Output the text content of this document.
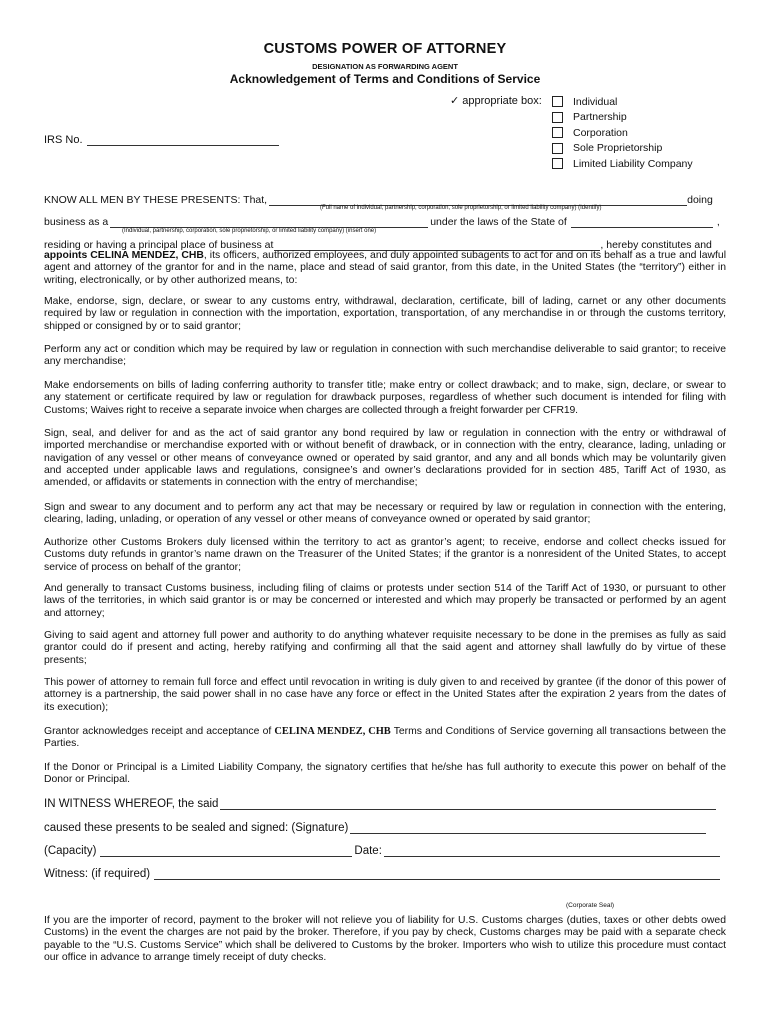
CUSTOMS POWER OF ATTORNEY
DESIGNATION AS FORWARDING AGENT
Acknowledgement of Terms and Conditions of Service
✓ appropriate box:	Individual
Partnership
Corporation
Sole Proprietorship
Limited Liability Company
IRS No.
KNOW ALL MEN BY THESE PRESENTS: That,	doing
(Full name of individual, partnership, corporation, sole proprietorship, or limited liability company) (Identify)
business as a	under the laws of the State of	,
(Individual, partnership, corporation, sole proprietorship, or limited liability company) (insert one)
residing or having a principal place of business at	, hereby constitutes and
appoints CELINA MENDEZ, CHB, its officers, authorized employees, and duly appointed subagents to act for and on its behalf as a true and lawful agent and attorney of the grantor for and in the name, place and stead of said grantor, from this date, in the United States (the “territory”) either in writing, electronically, or by other authorized means, to:
Make, endorse, sign, declare, or swear to any customs entry, withdrawal, declaration, certificate, bill of lading, carnet or any other documents required by law or regulation in connection with the importation, exportation, transportation, of any merchandise in or through the customs territory, shipped or consigned by or to said grantor;
Perform any act or condition which may be required by law or regulation in connection with such merchandise deliverable to said grantor; to receive any merchandise;
Make endorsements on bills of lading conferring authority to transfer title; make entry or collect drawback; and to make, sign, declare, or swear to any statement or certificate required by law or regulation for drawback purposes, regardless of whether such document is intended for filing with Customs; Waives right to receive a separate invoice when charges are collected through a freight forwarder per CFR19.
Sign, seal, and deliver for and as the act of said grantor any bond required by law or regulation in connection with the entry or withdrawal of imported merchandise or merchandise exported with or without benefit of drawback, or in connection with the entry, clearance, lading, unlading or navigation of any vessel or other means of conveyance owned or operated by said grantor, and any and all bonds which may be voluntarily given and accepted under applicable laws and regulations, consignee’s and owner’s declarations provided for in section 485, Tariff Act of 1930, as amended, or affidavits or statements in connection with the entry of merchandise;
Sign and swear to any document and to perform any act that may be necessary or required by law or regulation in connection with the entering, clearing, lading, unlading, or operation of any vessel or other means of conveyance owned or operated by said grantor;
Authorize other Customs Brokers duly licensed within the territory to act as grantor’s agent; to receive, endorse and collect checks issued for Customs duty refunds in grantor’s name drawn on the Treasurer of the United States; if the grantor is a nonresident of the United States, to accept service of process on behalf of the grantor;
And generally to transact Customs business, including filing of claims or protests under section 514 of the Tariff Act of 1930, or pursuant to other laws of the territories, in which said grantor is or may be concerned or interested and which may properly be transacted or performed by an agent and attorney;
Giving to said agent and attorney full power and authority to do anything whatever requisite necessary to be done in the premises as fully as said grantor could do if present and acting, hereby ratifying and confirming all that the said agent and attorney shall lawfully do by virtue of these presents;
This power of attorney to remain full force and effect until revocation in writing is duly given to and received by grantee (if the donor of this power of attorney is a partnership, the said power shall in no case have any force or effect in the United States after the expiration 2 years from the dates of its execution);
Grantor acknowledges receipt and acceptance of CELINA MENDEZ, CHB Terms and Conditions of Service governing all transactions between the Parties.
If the Donor or Principal is a Limited Liability Company, the signatory certifies that he/she has full authority to execute this power on behalf of the Donor or Principal.
IN WITNESS WHEREOF, the said
caused these presents to be sealed and signed: (Signature)
(Capacity)	Date:
Witness: (if required)
(Corporate Seal)
If you are the importer of record, payment to the broker will not relieve you of liability for U.S. Customs charges (duties, taxes or other debts owed Customs) in the event the charges are not paid by the broker. Therefore, if you pay by check, Customs charges may be paid with a separate check payable to the “U.S. Customs Service” which shall be delivered to Customs by the broker. Importers who wish to utilize this procedure must contact our office in advance to arrange timely receipt of duty checks.
